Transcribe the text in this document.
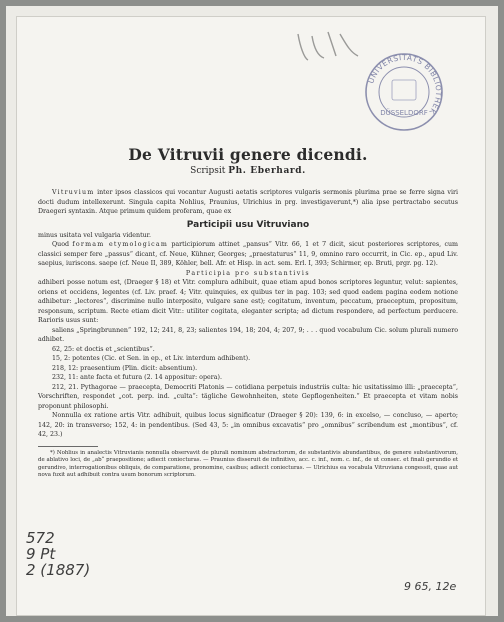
UNIVERSITÄTS BIBLIOTHEK
DÜSSELDORF
De Vitruvii genere dicendi.

Scripsit Ph. Eberhard.

Vitruvium inter ipsos classicos qui vocantur Augusti aetatis scriptores vulgaris sermonis plurima prae se ferre signa viri docti dudum intellexerunt. Singula capita Nohlius, Praunius, Ulrichius in prg. investigaverunt,*) alia ipse pertractabo secutus Draegeri syntaxin. Atque primum quidem proferam, quae ex

Participii usu Vitruviano

minus usitata vel vulgaria videntur.

Quod formam etymologicam participiorum attinet „pansus“ Vitr. 66, 1 et 7 dicit, sicut posteriores scriptores, cum classici semper fere „passus“ dicant, cf. Neue, Kühner, Georges; „praestaturus“ 11, 9, omnino raro occurrit, in Cic. ep., apud Liv. saepius, iuriscons. saepe (cf. Neue II, 389, Köhler, bell. Afr. et Hisp. in act. sem. Erl. I, 393; Schirmer, ep. Bruti, prgr. pg. 12).

Participia pro substantivis

adhiberi posse notum est, (Draeger § 18) et Vitr. complura adhibuit, quae etiam apud bonos scriptores leguntur, velut: sapientes, oriens et occidens, legentes (cf. Liv. praef. 4; Vitr. quinquies, ex quibus ter in pag. 103; sed quod eadem pagina eodem notione adhibetur: „lectores“, discrimine nullo interposito, vulgare sane est); cogitatum, inventum, peccatum, praeceptum, propositum, responsum, scriptum. Recte etiam dicit Vitr.: utiliter cogitata, eleganter scripta; ad dictum respondere, ad perfectum perducere. Rarioris usus sunt:

saliens „Springbrunnen“ 192, 12; 241, 8, 23; salientes 194, 18; 204, 4; 207, 9; . . . quod vocabulum Cic. solum plurali numero adhibet.

62, 25: et doctis et „scientibus“.

15, 2: potentes (Cic. et Sen. in ep., et Liv. interdum adhibent).

218, 12: praesentium (Plin. dicit: absentium).

232, 11: ante facta et futura (2. 14 appositur: opera).

212, 21. Pythagorae — praecepta, Democriti Platonis — cotidiana perpetuis industriis culta: hic usitatissimo illi: „praecepta“, Vorschriften, respondet „cot. perp. ind. „culta“: tägliche Gewohnheiten, stete Gepflogenheiten.“ Et praecepta et vitam nobis proponunt philosophi.

Nonnulla ex ratione artis Vitr. adhibuit, quibus locus significatur (Draeger § 20): 139, 6: in excelso, — concluso, — aperto; 142, 20: in transverso; 152, 4: in pendentibus. (Sed 43, 5: „in omnibus excavatis“ pro „omnibus“ scribendum est „montibus“, cf. 42, 23.)

*) Nohlius in analectis Vitruvianis nonnulla observavit de plurali nominum abstractorum, de substantivis abundantibus, de genere substantivorum, de ablativo loci, de „ab“ praepositione; adiecit coniecturas. — Praunius disseruit de infinitivo, acc. c. inf., nom. c. inf., de ut consec. et finali gerundio et gerundivo, interrogationibus obliquis, de comparatione, pronomine, casibus; adiecit coniecturas. — Ulrichius ea vocabula Vitruviana congessit, quae aut nova fuxit aut adhibuit contra usum bonorum scriptorum.

572
9 Pt
2 (1887)
9 65, 12e
